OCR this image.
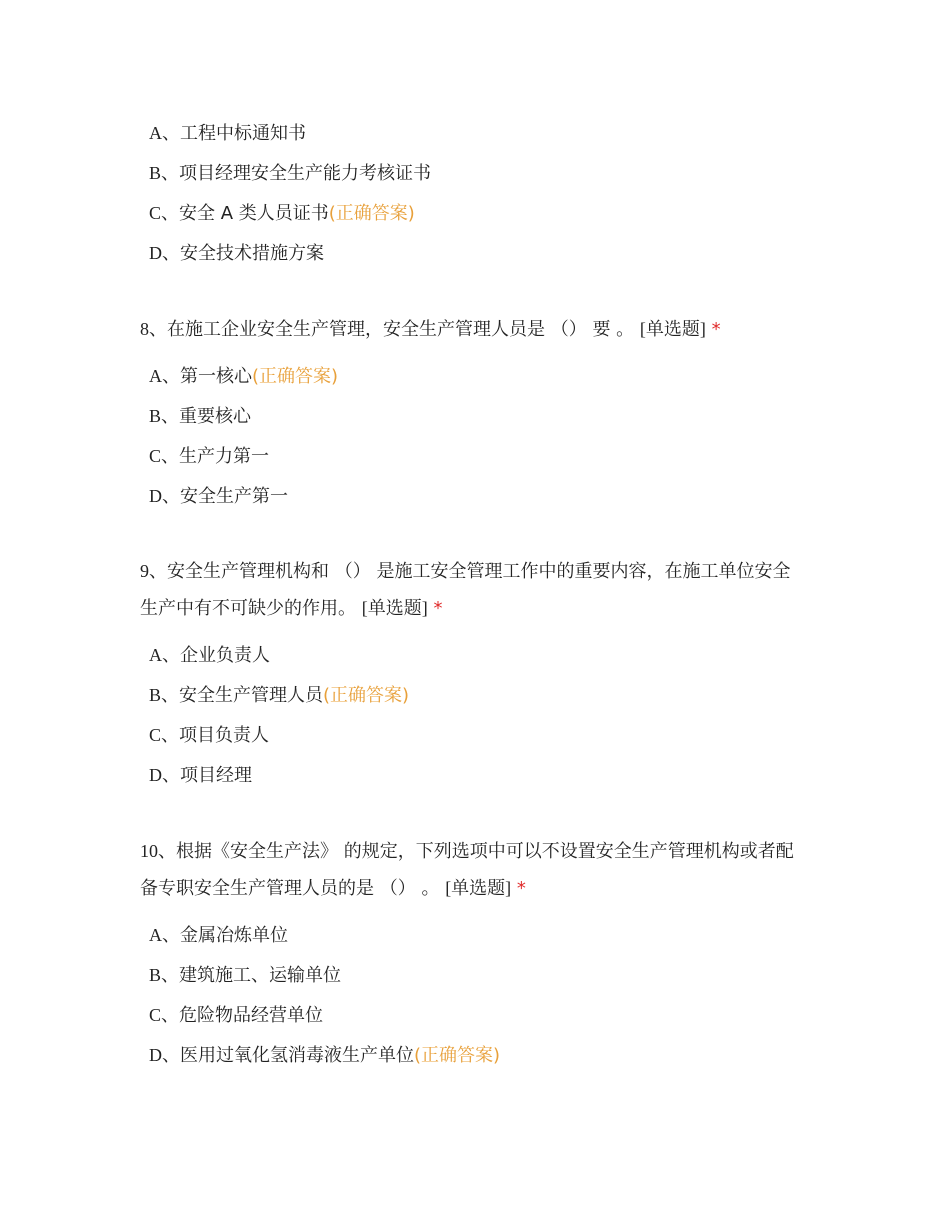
A、工程中标通知书
B、项目经理安全生产能力考核证书
C、安全 A 类人员证书(正确答案)
D、安全技术措施方案
8、在施工企业安全生产管理，安全生产管理人员是 （） 要 。 [单选题] *
A、第一核心(正确答案)
B、重要核心
C、生产力第一
D、安全生产第一
9、安全生产管理机构和 （） 是施工安全管理工作中的重要内容，在施工单位安全生产中有不可缺少的作用。 [单选题] *
A、企业负责人
B、安全生产管理人员(正确答案)
C、项目负责人
D、项目经理
10、根据《安全生产法》 的规定，下列选项中可以不设置安全生产管理机构或者配备专职安全生产管理人员的是 （） 。 [单选题] *
A、金属冶炼单位
B、建筑施工、运输单位
C、危险物品经营单位
D、医用过氧化氢消毒液生产单位(正确答案)
